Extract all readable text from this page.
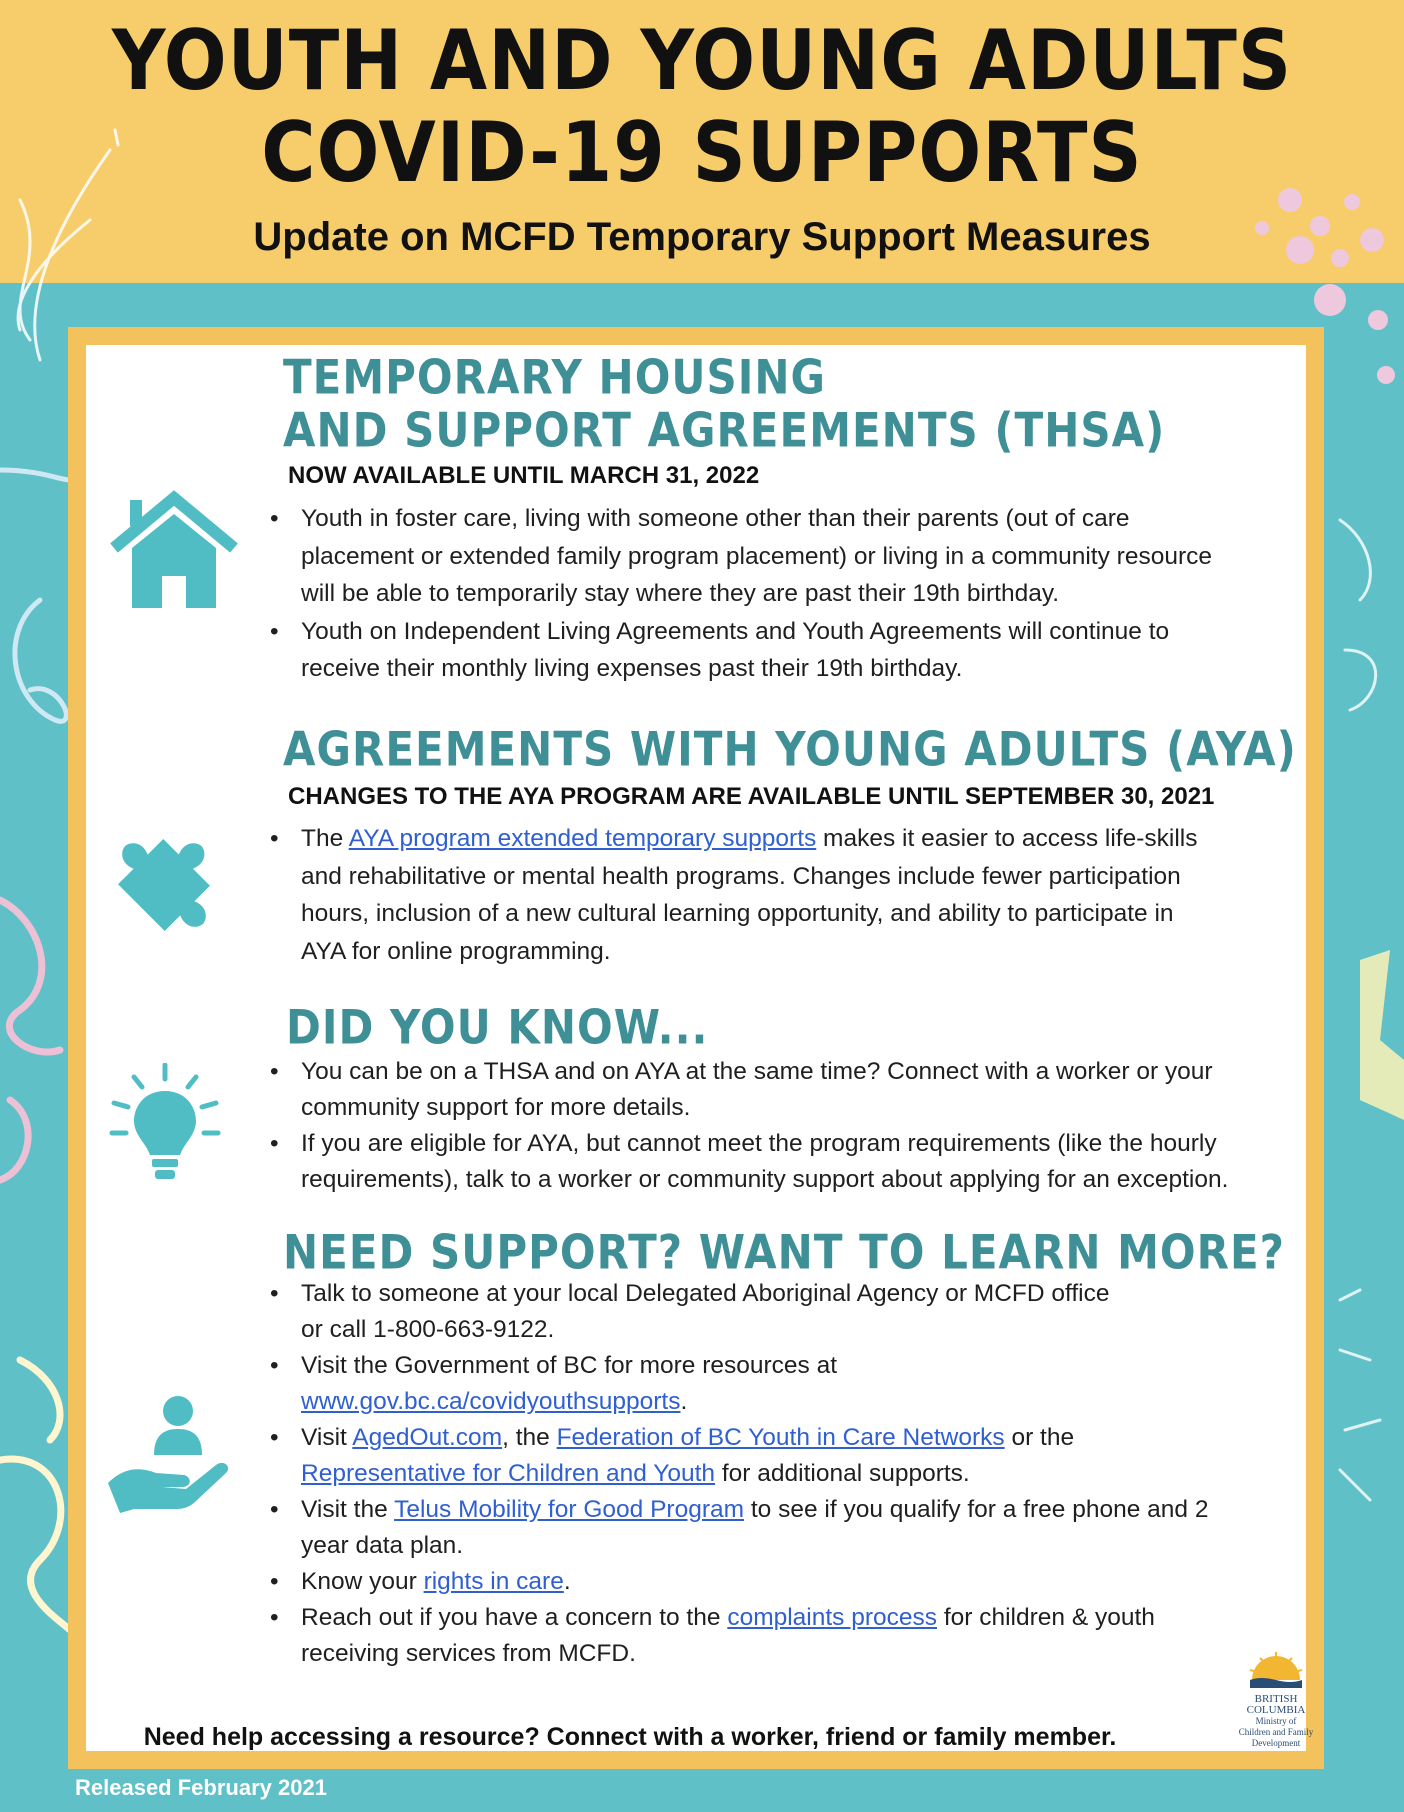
YOUTH AND YOUNG ADULTS
COVID-19 SUPPORTS
Update on MCFD Temporary Support Measures
TEMPORARY HOUSING
AND SUPPORT AGREEMENTS (THSA)
NOW AVAILABLE UNTIL MARCH 31, 2022
• Youth in foster care, living with someone other than their parents (out of care
placement or extended family program placement) or living in a community resource
will be able to temporarily stay where they are past their 19th birthday.
• Youth on Independent Living Agreements and Youth Agreements will continue to
receive their monthly living expenses past their 19th birthday.
AGREEMENTS WITH YOUNG ADULTS (AYA)
CHANGES TO THE AYA PROGRAM ARE AVAILABLE UNTIL SEPTEMBER 30, 2021
• The AYA program extended temporary supports makes it easier to access life-skills
and rehabilitative or mental health programs. Changes include fewer participation
hours, inclusion of a new cultural learning opportunity, and ability to participate in
AYA for online programming.
DID YOU KNOW...
• You can be on a THSA and on AYA at the same time? Connect with a worker or your
community support for more details.
• If you are eligible for AYA, but cannot meet the program requirements (like the hourly
requirements), talk to a worker or community support about applying for an exception.
NEED SUPPORT? WANT TO LEARN MORE?
• Talk to someone at your local Delegated Aboriginal Agency or MCFD office
or call 1-800-663-9122.
• Visit the Government of BC for more resources at
www.gov.bc.ca/covidyouthsupports.
• Visit AgedOut.com, the Federation of BC Youth in Care Networks or the
Representative for Children and Youth for additional supports.
• Visit the Telus Mobility for Good Program to see if you qualify for a free phone and 2
year data plan.
• Know your rights in care.
• Reach out if you have a concern to the complaints process for children & youth
receiving services from MCFD.
Need help accessing a resource? Connect with a worker, friend or family member.
BRITISH
COLUMBIA
Ministry of
Children and Family
Development
Released February 2021
